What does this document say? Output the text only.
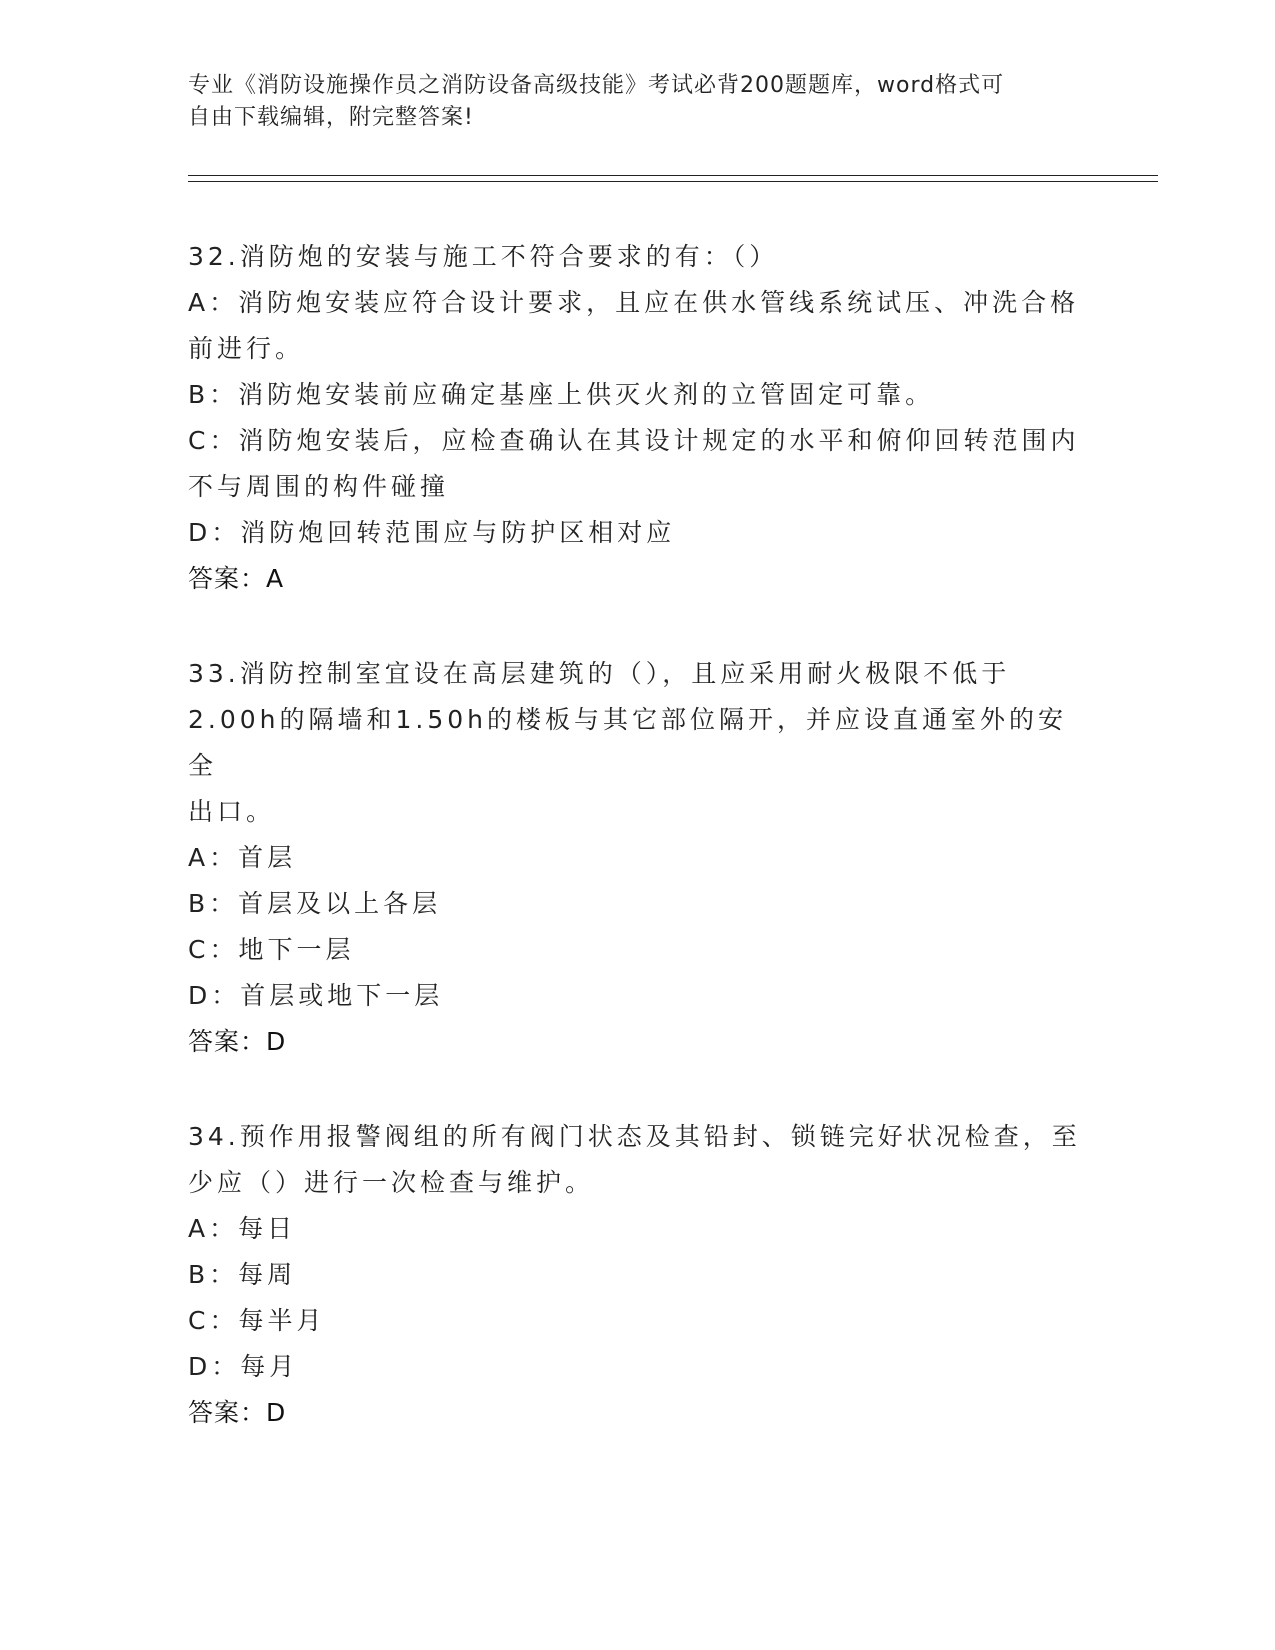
专业《消防设施操作员之消防设备高级技能》考试必背200题题库，word格式可
自由下载编辑，附完整答案!

32.消防炮的安装与施工不符合要求的有：（）

A：消防炮安装应符合设计要求，且应在供水管线系统试压、冲洗合格

前进行。

B：消防炮安装前应确定基座上供灭火剂的立管固定可靠。

C：消防炮安装后，应检查确认在其设计规定的水平和俯仰回转范围内

不与周围的构件碰撞

D：消防炮回转范围应与防护区相对应

答案：A

33.消防控制室宜设在高层建筑的（），且应采用耐火极限不低于

2.00h的隔墙和1.50h的楼板与其它部位隔开，并应设直通室外的安全

出口。

A：首层

B：首层及以上各层

C：地下一层

D：首层或地下一层

答案：D

34.预作用报警阀组的所有阀门状态及其铅封、锁链完好状况检查，至

少应（）进行一次检查与维护。

A：每日

B：每周

C：每半月

D：每月

答案：D
